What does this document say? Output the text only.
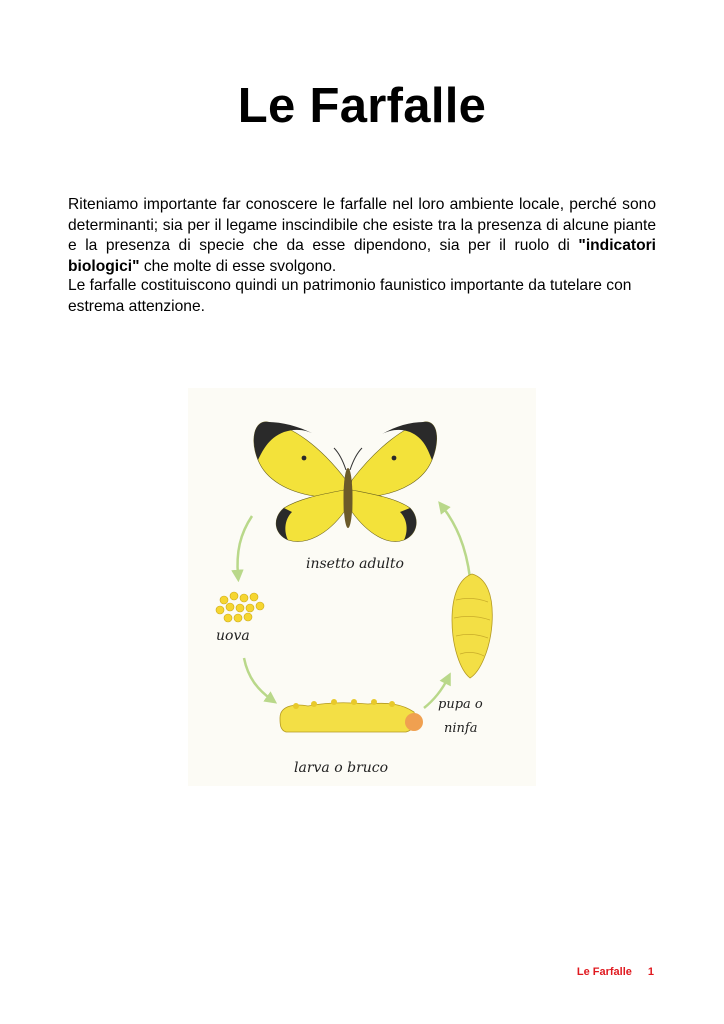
Le Farfalle

Riteniamo importante far conoscere le farfalle nel loro ambiente locale, perché sono determinanti; sia per il legame inscindibile che esiste tra la presenza di alcune piante e la presenza di specie che da esse dipendono, sia per il ruolo di "indicatori biologici" che molte di esse svolgono.

Le farfalle costituiscono quindi un patrimonio faunistico importante da tutelare con estrema attenzione.

insetto adulto
uova
pupa o
ninfa
larva o bruco
Le Farfalle 1
